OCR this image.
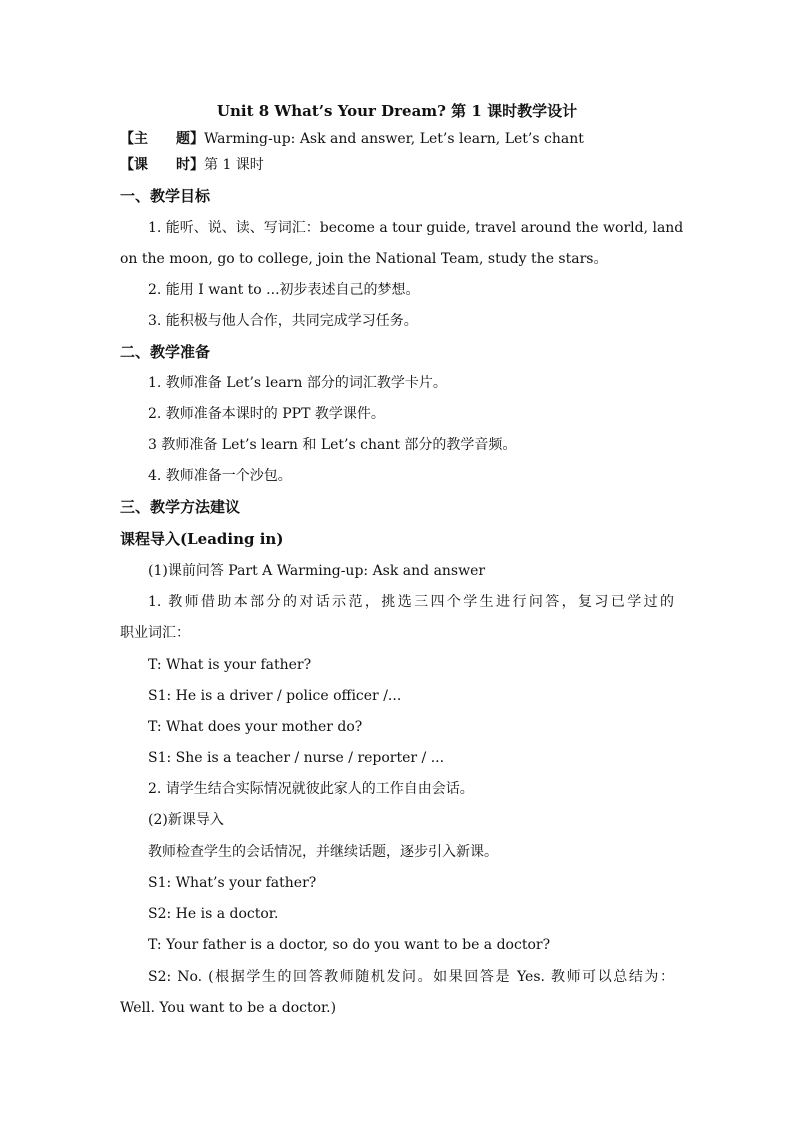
Unit 8 What’s Your Dream? 第 1 课时教学设计
【主　　题】Warming-up: Ask and answer, Let’s learn, Let’s chant
【课　　时】第 1 课时
一、教学目标
1. 能听、说、读、写词汇：become a tour guide, travel around the world, land
on the moon, go to college, join the National Team, study the stars。
2. 能用 I want to ...初步表述自己的梦想。
3. 能积极与他人合作，共同完成学习任务。
二、教学准备
1. 教师准备 Let’s learn 部分的词汇教学卡片。
2. 教师准备本课时的 PPT 教学课件。
3 教师准备 Let’s learn 和 Let’s chant 部分的教学音频。
4. 教师准备一个沙包。
三、教学方法建议
课程导入(Leading in)
(1)课前问答 Part A Warming-up: Ask and answer
1. 教师借助本部分的对话示范，挑选三四个学生进行问答，复习已学过的
职业词汇：
T: What is your father?
S1: He is a driver / police officer /...
T: What does your mother do?
S1: She is a teacher / nurse / reporter / ...
2. 请学生结合实际情况就彼此家人的工作自由会话。
(2)新课导入
教师检查学生的会话情况，并继续话题，逐步引入新课。
S1: What’s your father?
S2: He is a doctor.
T: Your father is a doctor, so do you want to be a doctor?
S2: No. (根据学生的回答教师随机发问。如果回答是 Yes. 教师可以总结为：
Well. You want to be a doctor.)
